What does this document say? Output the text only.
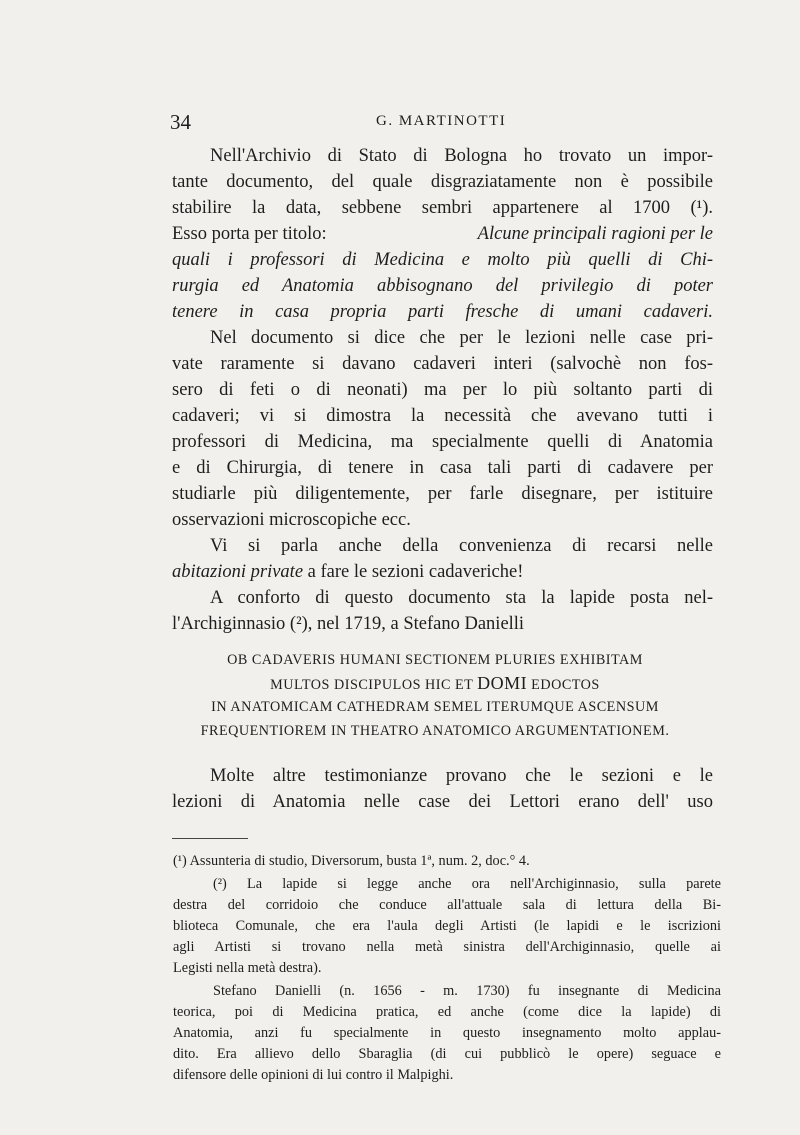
34	G. MARTINOTTI
Nell'Archivio di Stato di Bologna ho trovato un impor-
tante documento, del quale disgraziatamente non è possibile
stabilire la data, sebbene sembri appartenere al 1700 (¹).
Esso porta per titolo:	Alcune principali ragioni per le
quali i professori di Medicina e molto più quelli di Chi-
rurgia ed Anatomia abbisognano del privilegio di poter
tenere in casa propria parti fresche di umani cadaveri.
Nel documento si dice che per le lezioni nelle case pri-
vate raramente si davano cadaveri interi (salvochè non fos-
sero di feti o di neonati) ma per lo più soltanto parti di
cadaveri; vi si dimostra la necessità che avevano tutti i
professori di Medicina, ma specialmente quelli di Anatomia
e di Chirurgia, di tenere in casa tali parti di cadavere per
studiarle più diligentemente, per farle disegnare, per istituire
osservazioni microscopiche ecc.
Vi si parla anche della convenienza di recarsi nelle
abitazioni private a fare le sezioni cadaveriche!
A conforto di questo documento sta la lapide posta nel-
l'Archiginnasio (²), nel 1719, a Stefano Danielli
OB CADAVERIS HUMANI SECTIONEM PLURIES EXHIBITAM
MULTOS DISCIPULOS HIC ET DOMI EDOCTOS
IN ANATOMICAM CATHEDRAM SEMEL ITERUMQUE ASCENSUM
FREQUENTIOREM IN THEATRO ANATOMICO ARGUMENTATIONEM.
(¹) Assunteria di studio, Diversorum, busta 1ª, num. 2, doc.° 4.
(²) La lapide si legge anche ora nell'Archiginnasio, sulla parete
destra del corridoio che conduce all'attuale sala di lettura della Bi-
blioteca Comunale, che era l'aula degli Artisti (le lapidi e le iscrizioni
agli Artisti si trovano nella metà sinistra dell'Archiginnasio, quelle ai
Legisti nella metà destra).
Stefano Danielli (n. 1656 - m. 1730) fu insegnante di Medicina
teorica, poi di Medicina pratica, ed anche (come dice la lapide) di
Anatomia, anzi fu specialmente in questo insegnamento molto applau-
dito. Era allievo dello Sbaraglia (di cui pubblicò le opere) seguace e
difensore delle opinioni di lui contro il Malpighi.
Molte altre testimonianze provano che le sezioni e le
lezioni di Anatomia nelle case dei Lettori erano dell' uso
